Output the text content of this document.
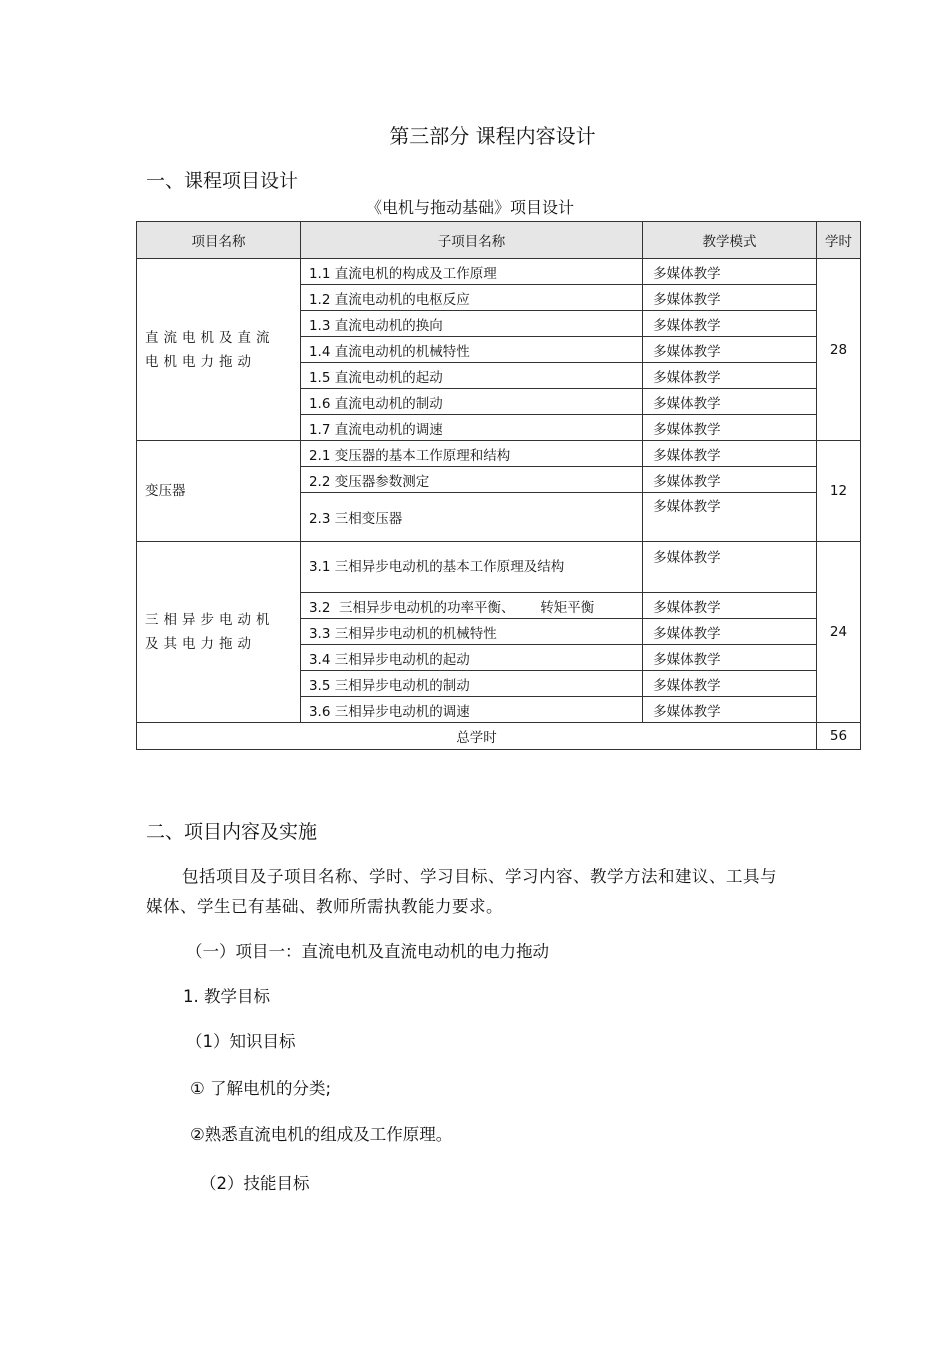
第三部分 课程内容设计
一、课程项目设计
《电机与拖动基础》项目设计
项目名称	子项目名称	教学模式	学时
直流电机及直流电机电力拖动	1.1 直流电机的构成及工作原理	多媒体教学	28
	1.2 直流电动机的电枢反应	多媒体教学	
	1.3 直流电动机的换向	多媒体教学	
	1.4 直流电动机的机械特性	多媒体教学	
	1.5 直流电动机的起动	多媒体教学	
	1.6 直流电动机的制动	多媒体教学	
	1.7 直流电动机的调速	多媒体教学	
变压器	2.1 变压器的基本工作原理和结构	多媒体教学	12
	2.2 变压器参数测定	多媒体教学	
	2.3 三相变压器	多媒体教学	
三相异步电动机及其电力拖动	3.1 三相异步电动机的基本工作原理及结构	多媒体教学	24
	3.2  三相异步电动机的功率平衡、      转矩平衡	多媒体教学	
	3.3 三相异步电动机的机械特性	多媒体教学	
	3.4 三相异步电动机的起动	多媒体教学	
	3.5 三相异步电动机的制动	多媒体教学	
	3.6 三相异步电动机的调速	多媒体教学	
总学时			56
二、项目内容及实施
包括项目及子项目名称、学时、学习目标、学习内容、教学方法和建议、工具与媒体、学生已有基础、教师所需执教能力要求。
（一）项目一：直流电机及直流电动机的电力拖动
1. 教学目标
（1）知识目标
① 了解电机的分类;
②熟悉直流电机的组成及工作原理。
（2）技能目标
